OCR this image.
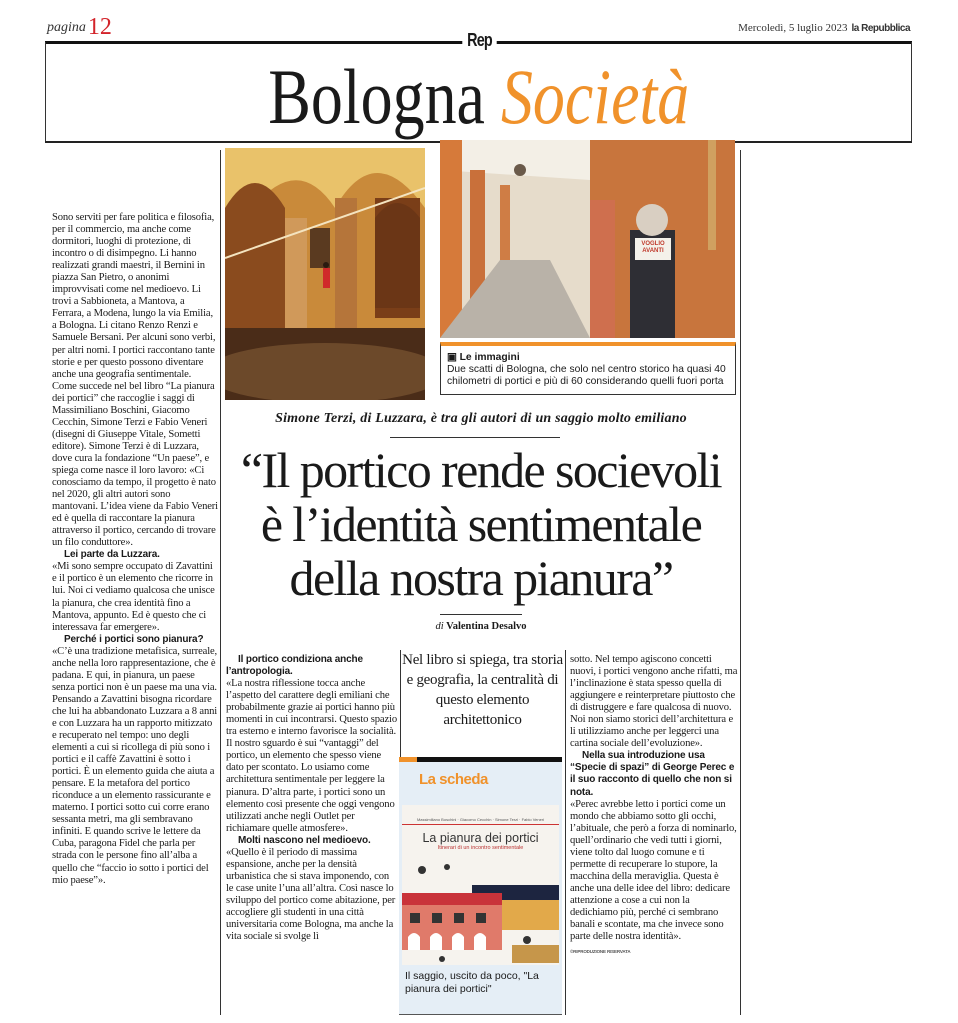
pagina12	Mercoledì, 5 luglio 2023 la Repubblica
Rep
Bologna Società

Sono serviti per fare politica e filosofia, per il commercio, ma anche come dormitori, luoghi di protezione, di incontro o di disimpegno. Li hanno realizzati grandi maestri, il Bernini in piazza San Pietro, o anonimi improvvisati come nel medioevo. Li trovi a Sabbioneta, a Mantova, a Ferrara, a Modena, lungo la via Emilia, a Bologna. Li citano Renzo Renzi e Samuele Bersani. Per alcuni sono verbi, per altri nomi. I portici raccontano tante storie e per questo possono diventare anche una geografia sentimentale. Come succede nel bel libro “La pianura dei portici” che raccoglie i saggi di Massimiliano Boschini, Giacomo Cecchin, Simone Terzi e Fabio Veneri (disegni di Giuseppe Vitale, Sometti editore). Simone Terzi è di Luzzara, dove cura la fondazione “Un paese”, e spiega come nasce il loro lavoro: «Ci conosciamo da tempo, il progetto è nato nel 2020, gli altri autori sono mantovani. L’idea viene da Fabio Veneri ed è quella di raccontare la pianura attraverso il portico, cercando di trovare un filo conduttore».

Lei parte da Luzzara.

«Mi sono sempre occupato di Zavattini e il portico è un elemento che ricorre in lui. Noi ci vediamo qualcosa che unisce la pianura, che crea identità fino a Mantova, appunto. Ed è questo che ci interessava far emergere».

Perché i portici sono pianura?

«C’è una tradizione metafisica, surreale, anche nella loro rappresentazione, che è padana. E qui, in pianura, un paese senza portici non è un paese ma una via. Pensando a Zavattini bisogna ricordare che lui ha abbandonato Luzzara a 8 anni e con Luzzara ha un rapporto mitizzato e recuperato nel tempo: uno degli elementi a cui si ricollega di più sono i portici e il caffè Zavattini è sotto i portici. È un elemento guida che aiuta a pensare. E la metafora del portico riconduce a un elemento rassicurante e materno. I portici sotto cui corre erano sessanta metri, ma gli sembravano infiniti. E quando scrive le lettere da Cuba, paragona Fidel che parla per strada con le persone fino all’alba a quello che “faccio io sotto i portici del mio paese”».

VOGLIO AVANTI
▣ Le immagini
Due scatti di Bologna, che solo nel centro storico ha quasi 40 chilometri di portici e più di 60 considerando quelli fuori porta
Simone Terzi, di Luzzara, è tra gli autori di un saggio molto emiliano
“Il portico rende socievoli
è l’identità sentimentale
della nostra pianura”
di Valentina Desalvo

Il portico condiziona anche l’antropologia.

«La nostra riflessione tocca anche l’aspetto del carattere degli emiliani che probabilmente grazie ai portici hanno più momenti in cui incontrarsi. Questo spazio tra esterno e interno favorisce la socialità. Il nostro sguardo è sui “vantaggi” del portico, un elemento che spesso viene dato per scontato. Lo usiamo come architettura sentimentale per leggere la pianura. D’altra parte, i portici sono un elemento così presente che oggi vengono utilizzati anche negli Outlet per richiamare quelle atmosfere».

Molti nascono nel medioevo.

«Quello è il periodo di massima espansione, anche per la densità urbanistica che si stava imponendo, con le case unite l’una all’altra. Così nasce lo sviluppo del portico come abitazione, per accogliere gli studenti in una città universitaria come Bologna, ma anche la vita sociale si svolge lì

Nel libro si spiega, tra storia e geografia, la centralità di questo elemento architettonico
La scheda
Massimiliano Boschini · Giacomo Cecchin · Simone Terzi · Fabio Veneri
La pianura dei portici
Itinerari di un incontro sentimentale
Il saggio, uscito da poco, "La pianura dei portici"

sotto. Nel tempo agiscono concetti nuovi, i portici vengono anche rifatti, ma l’inclinazione è stata spesso quella di aggiungere e reinterpretare piuttosto che di distruggere e fare qualcosa di nuovo. Noi non siamo storici dell’architettura e li utilizziamo anche per leggerci una cartina sociale dell’evoluzione».

Nella sua introduzione usa “Specie di spazi” di George Perec e il suo racconto di quello che non si nota.

«Perec avrebbe letto i portici come un mondo che abbiamo sotto gli occhi, l’abituale, che però a forza di nominarlo, quell’ordinario che vedi tutti i giorni, viene tolto dal luogo comune e ti permette di recuperare lo stupore, la macchina della meraviglia. Questa è anche una delle idee del libro: dedicare attenzione a cose a cui non la dedichiamo più, perché ci sembrano banali e scontate, ma che invece sono parte delle nostra identità».

©RIPRODUZIONE RISERVATA
